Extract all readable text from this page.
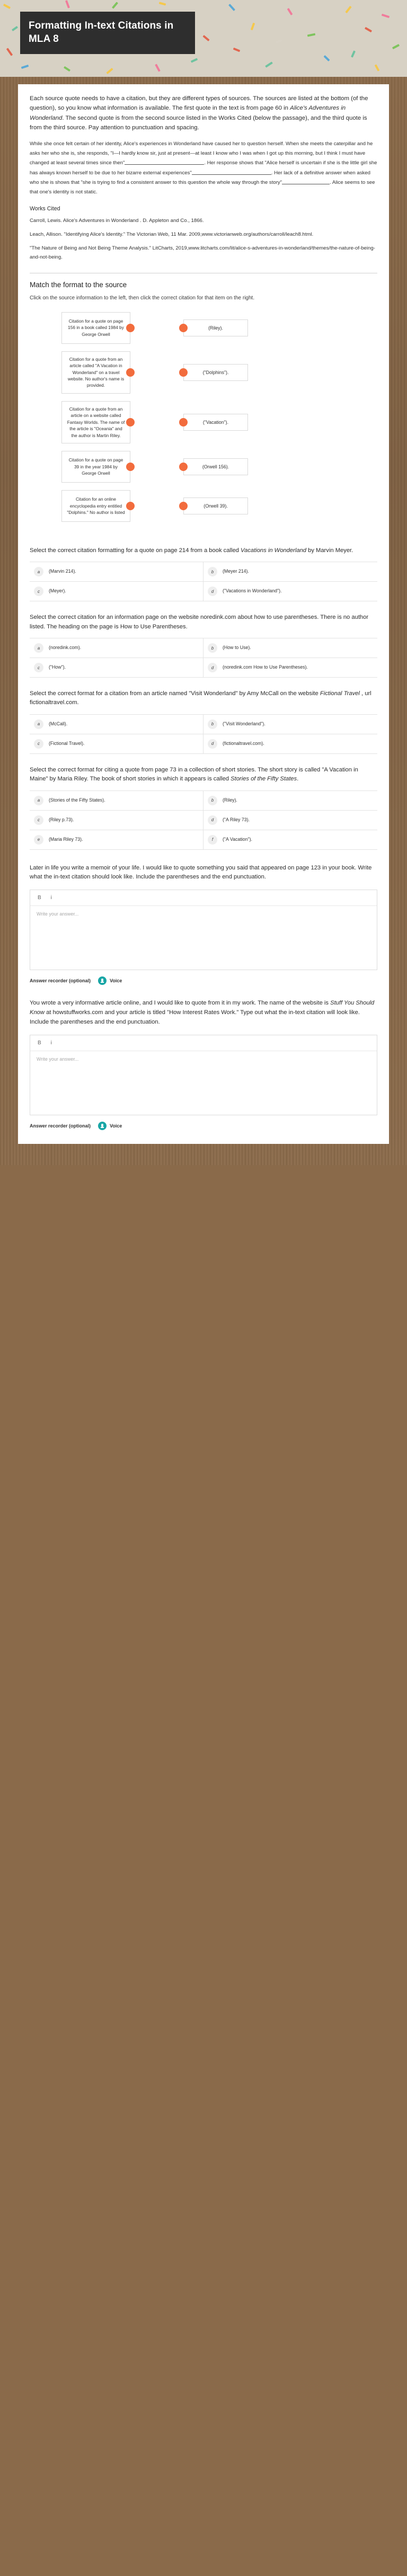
Formatting In-text Citations in MLA 8

Each source quote needs to have a citation, but they are different types of sources. The sources are listed at the bottom (of the question), so you know what information is available. The first quote in the text is from page 60 in Alice's Adventures in Wonderland. The second quote is from the second source listed in the Works Cited (below the passage), and the third quote is from the third source. Pay attention to punctuation and spacing.

While she once felt certain of her identity, Alice's experiences in Wonderland have caused her to question herself. When she meets the caterpillar and he asks her who she is, she responds, "I—I hardly know sir, just at present—at least I know who I was when I got up this morning, but I think I must have changed at least several times since then"	. Her response shows that "Alice herself is uncertain if she is the little girl she has always known herself to be due to her bizarre external experiences"	. Her lack of a definitive answer when asked who she is shows that "she is trying to find a consistent answer to this question the whole way through the story"	. Alice seems to see that one's identity is not static.
Works Cited
Carroll, Lewis. Alice's Adventures in Wonderland . D. Appleton and Co., 1866.
Leach, Allison. "Identifying Alice's Identity." The Victorian Web, 11 Mar. 2009,www.victorianweb.org/authors/carroll/leach8.html.
"The Nature of Being and Not Being Theme Analysis." LitCharts, 2019,www.litcharts.com/lit/alice-s-adventures-in-wonderland/themes/the-nature-of-being-and-not-being.
Match the format to the source
Click on the source information to the left, then click the correct citation for that item on the right.
Citation for a quote on page 156 in a book called 1984 by George Orwell
(Riley).
Citation for a quote from an article called "A Vacation in Wonderland" on a travel website. No author's name is provided.
("Dolphins").
Citation for a quote from an article on a website called Fantasy Worlds. The name of the article is "Oceania" and the author is Martin Riley.
("Vacation").
Citation for a quote on page 39 in the year 1984 by George Orwell
(Orwell 156).
Citation for an online encyclopedia entry entitled "Dolphins." No author is listed
(Orwell 39).
Select the correct citation formatting for a quote on page 214 from a book called Vacations in Wonderland by Marvin Meyer.
a	(Marvin 214).	b	(Meyer 214).
c	(Meyer).	d	("Vacations in Wonderland").
Select the correct citation for an information page on the website noredink.com about how to use parentheses. There is no author listed. The heading on the page is How to Use Parentheses.
a	(noredink.com).	b	(How to Use).
c	("How").	d	(noredink.com How to Use Parentheses).
Select the correct format for a citation from an article named "Visit Wonderland" by Amy McCall on the website Fictional Travel , url fictionaltravel.com.
a	(McCall).	b	("Visit Wonderland").
c	(Fictional Travel).	d	(fictionaltravel.com).
Select the correct format for citing a quote from page 73 in a collection of short stories. The short story is called "A Vacation in Maine" by Maria Riley. The book of short stories in which it appears is called Stories of the Fifty States.
a	(Stories of the Fifty States).	b	(Riley).
c	(Riley p.73).	d	("A Riley 73).
e	(Maria Riley 73).	f	("A Vacation").
Later in life you write a memoir of your life. I would like to quote something you said that appeared on page 123 in your book. Write what the in-text citation should look like. Include the parentheses and the end punctuation.
B i
Write your answer...
Answer recorder (optional)	Voice
You wrote a very informative article online, and I would like to quote from it in my work. The name of the website is Stuff You Should Know at howstuffworks.com and your article is titled "How Interest Rates Work." Type out what the in-text citation will look like. Include the parentheses and the end punctuation.
B i
Write your answer...
Answer recorder (optional)	Voice
